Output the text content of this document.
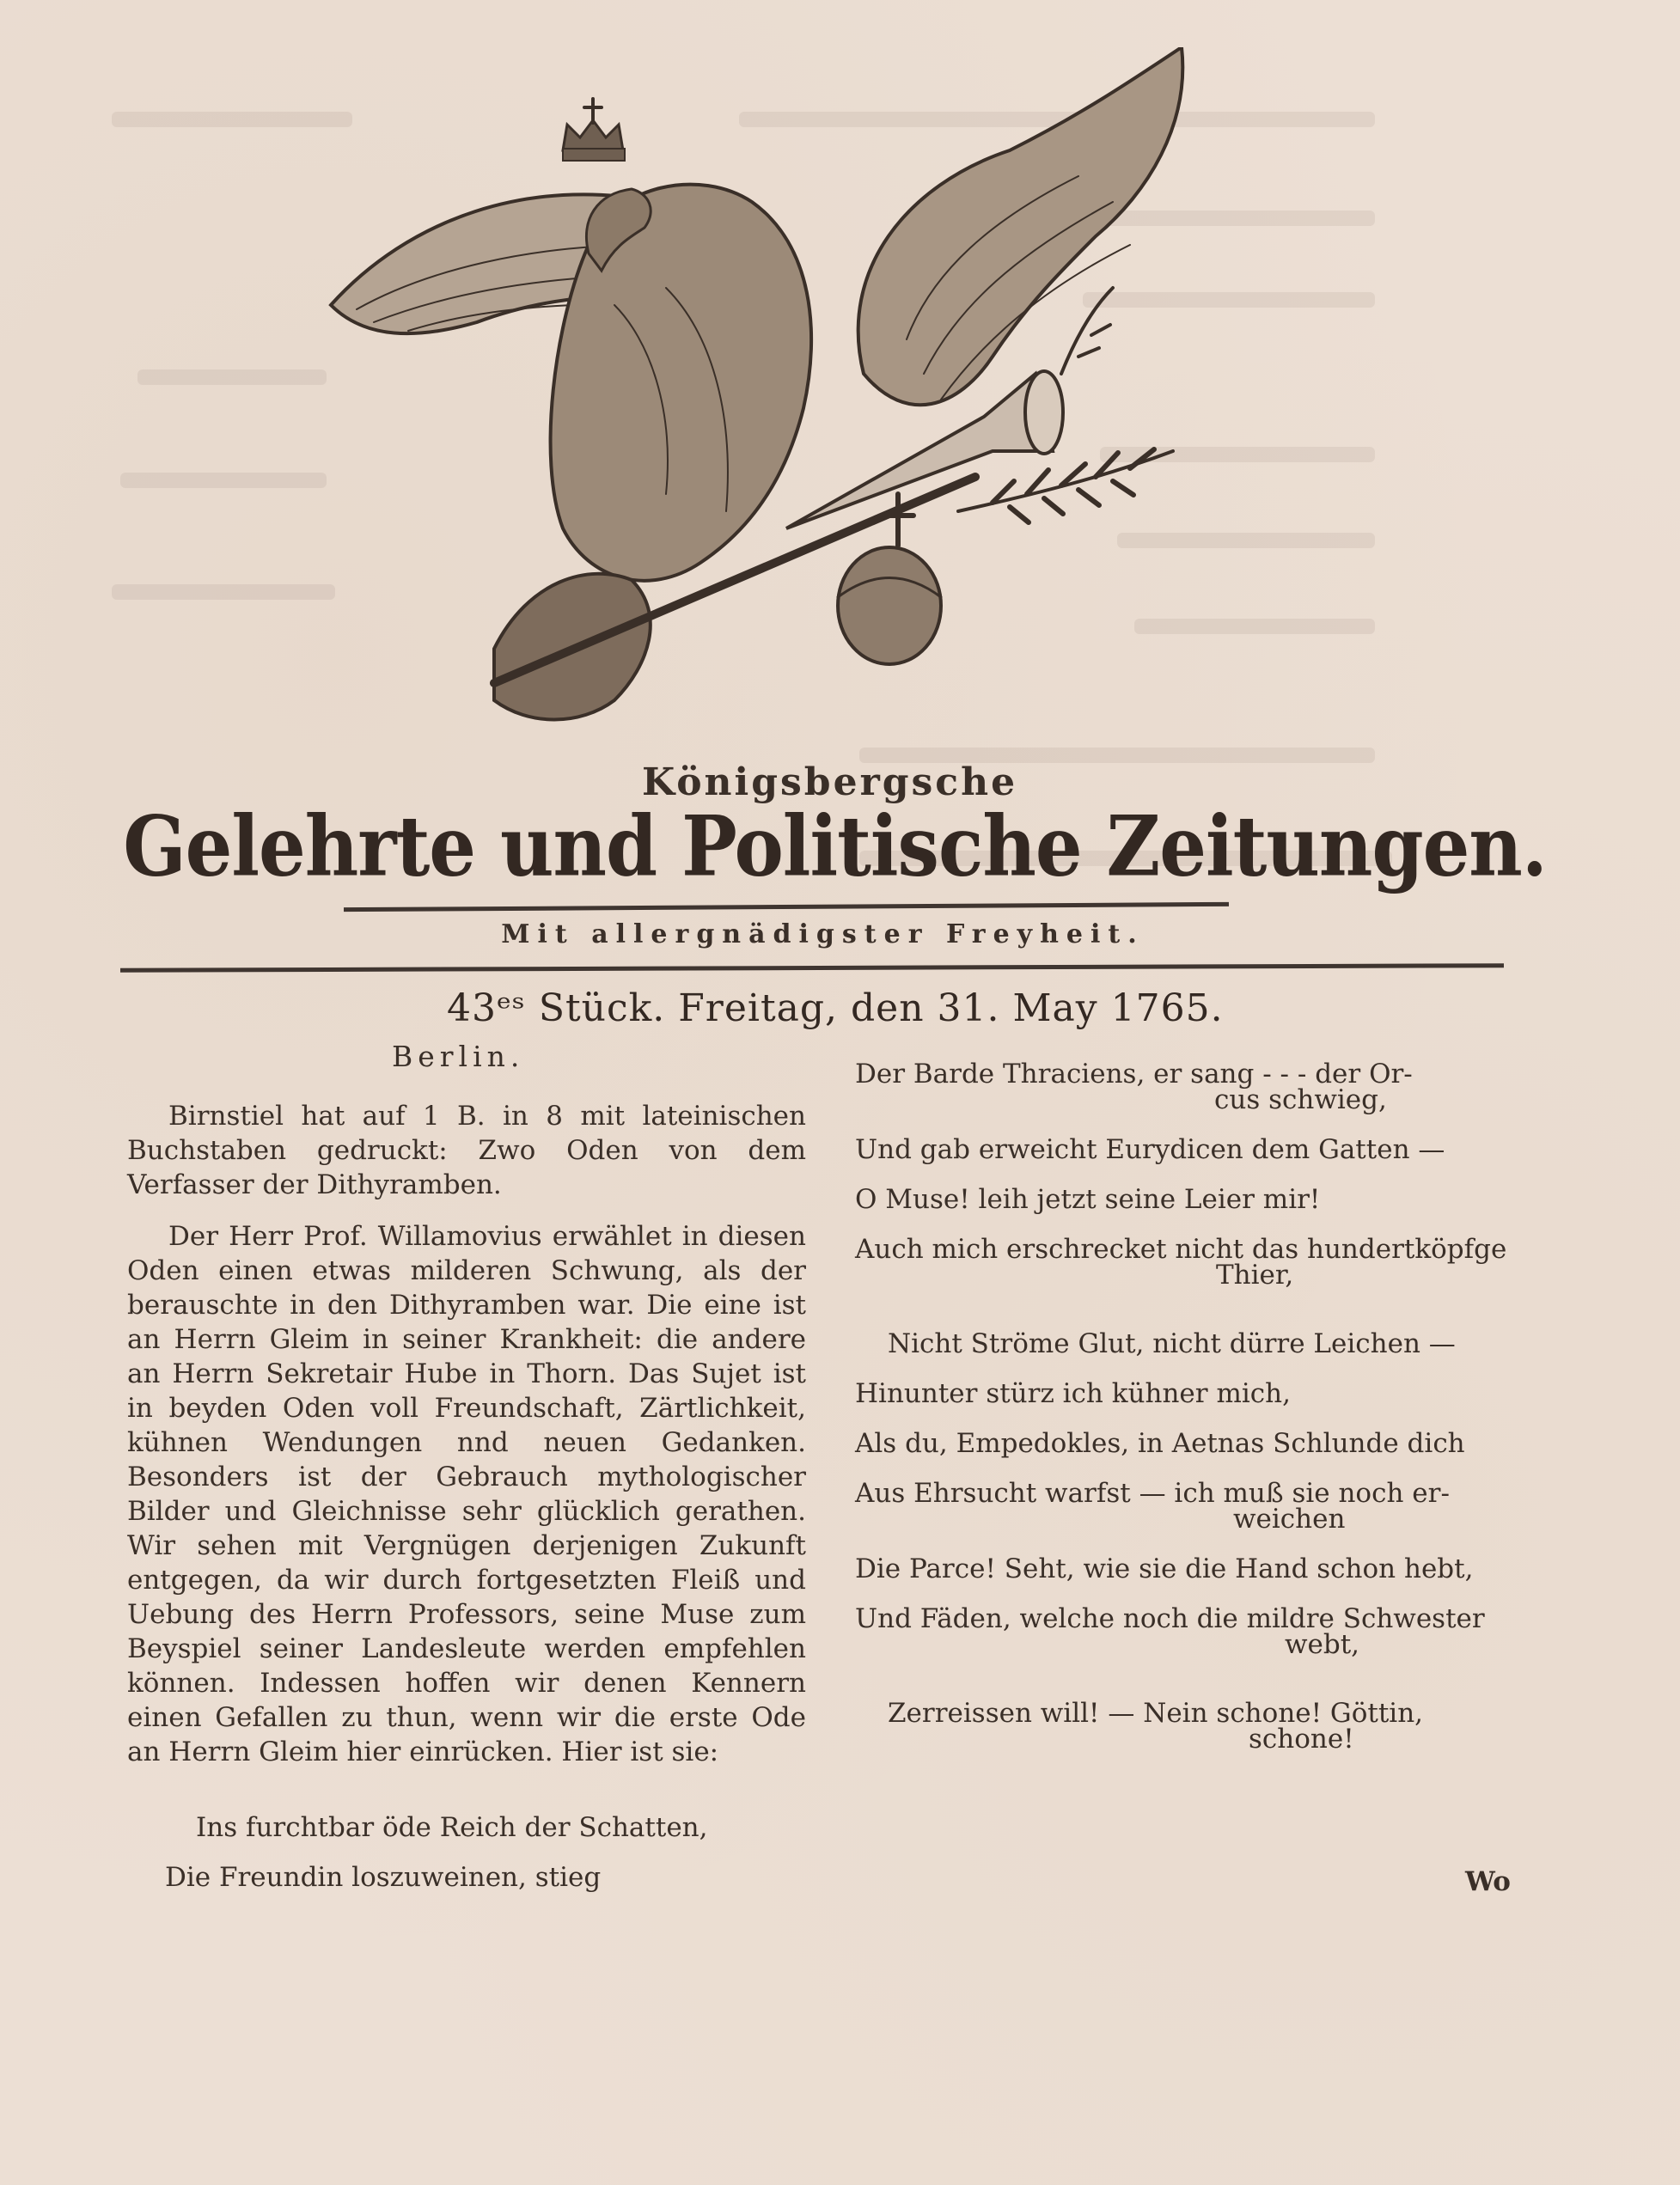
Königsbergsche
Gelehrte und Politische Zeitungen.
Mit allergnädigster Freyheit.
43ᵉˢ Stück. Freitag, den 31. May 1765.
Berlin.

Birnstiel hat auf 1 B. in 8 mit lateinischen Buchstaben gedruckt: Zwo Oden von dem Verfasser der Dithyramben.

Der Herr Prof. Willamovius erwählet in diesen Oden einen etwas milderen Schwung, als der berauschte in den Dithyramben war. Die eine ist an Herrn Gleim in seiner Krankheit: die andere an Herrn Sekretair Hube in Thorn. Das Sujet ist in beyden Oden voll Freundschaft, Zärtlichkeit, kühnen Wendungen nnd neuen Gedanken. Besonders ist der Gebrauch mythologischer Bilder und Gleichnisse sehr glücklich gerathen. Wir sehen mit Vergnügen derjenigen Zukunft entgegen, da wir durch fortgesetzten Fleiß und Uebung des Herrn Professors, seine Muse zum Beyspiel seiner Landesleute werden empfehlen können. Indessen hoffen wir denen Kennern einen Gefallen zu thun, wenn wir die erste Ode an Herrn Gleim hier einrücken. Hier ist sie:

Ins furchtbar öde Reich der Schatten,
Die Freundin loszuweinen, stieg
Der Barde Thraciens, er sang - - - der Or-
cus schwieg,
Und gab erweicht Eurydicen dem Gatten —
O Muse! leih jetzt seine Leier mir!
Auch mich erschrecket nicht das hundertköpfge
Thier,
Nicht Ströme Glut, nicht dürre Leichen —
Hinunter stürz ich kühner mich,
Als du, Empedokles, in Aetnas Schlunde dich
Aus Ehrsucht warfst — ich muß sie noch er-
weichen
Die Parce! Seht, wie sie die Hand schon hebt,
Und Fäden, welche noch die mildre Schwester
webt,
Zerreissen will! — Nein schone! Göttin,
schone!
Wo
